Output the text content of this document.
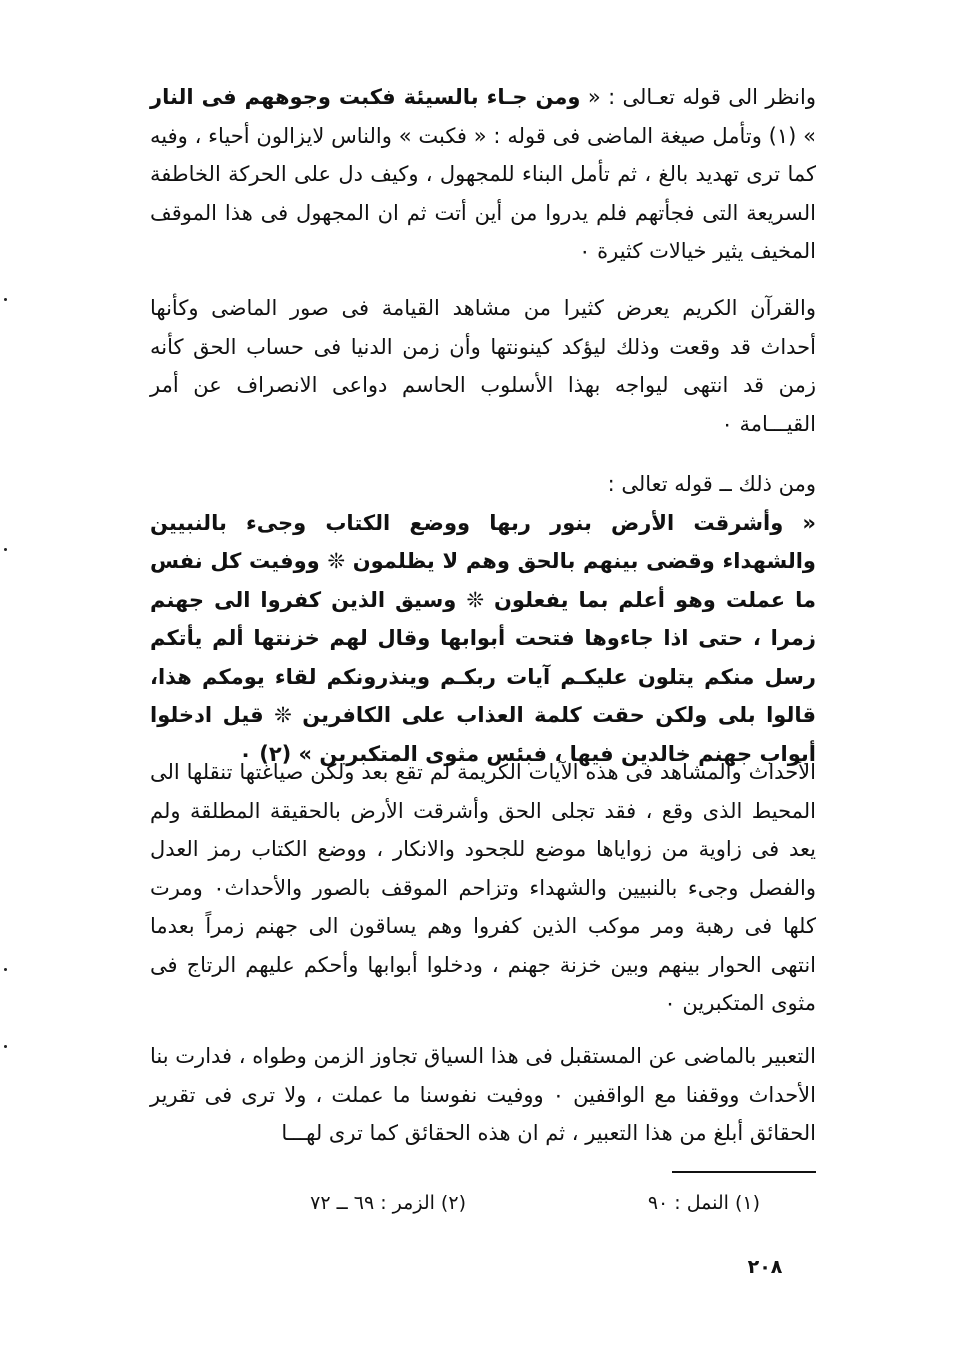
وانظر الى قوله تعـالى : « ومن جـاء بالسيئة فكبت وجوههم فى النار » (١) وتأمل صيغة الماضى فى قوله : « فكبت » والناس لايزالون أحياء ، وفيه كما ترى تهديد بالغ ، ثم تأمل البناء للمجهول ، وكيف دل على الحركة الخاطفة السريعة التى فجأتهم فلم يدروا من أين أتت ثم ان المجهول فى هذا الموقف المخيف يثير خيالات كثيرة ٠

والقرآن الكريم يعرض كثيرا من مشاهد القيامة فى صور الماضى وكأنها أحداث قد وقعت وذلك ليؤكد كينونتها وأن زمن الدنيا فى حساب الحق كأنه زمن قد انتهى ليواجه بهذا الأسلوب الحاسم دواعى الانصراف عن أمر القيـــامة ٠

ومن ذلك ــ قوله تعالى :

« وأشرقت الأرض بنور ربها ووضع الكتاب وجىء بالنبيين والشهداء وقضى بينهم بالحق وهم لا يظلمون ❊ ووفيت كل نفس ما عملت وهو أعلم بما يفعلون ❊ وسيق الذين كفروا الى جهنم زمرا ، حتى اذا جاءوها فتحت أبوابها وقال لهم خزنتها ألم يأتكم رسل منكم يتلون عليكـم آيات ربكـم وينذرونكم لقاء يومكم هذا، قالوا بلى ولكن حقت كلمة العذاب على الكافرين ❊ قيل ادخلوا أبواب جهنم خالدين فيها ، فبئس مثوى المتكبرين » (٢) ٠

الأحداث والمشاهد فى هذه الآيات الكريمة لم تقع بعد ولكن صياغتها تنقلها الى المحيط الذى وقع ، فقد تجلى الحق وأشرقت الأرض بالحقيقة المطلقة ولم يعد فى زاوية من زواياها موضع للجحود والانكار ، ووضع الكتاب رمز العدل والفصل وجىء بالنبيين والشهداء وتزاحم الموقف بالصور والأحداث٠ ومرت كلها فى رهبة ومر موكب الذين كفروا وهم يساقون الى جهنم زمراً بعدما انتهى الحوار بينهم وبين خزنة جهنم ، ودخلوا أبوابها وأحكم عليهم الرتاج فى مثوى المتكبرين ٠

التعبير بالماضى عن المستقبل فى هذا السياق تجاوز الزمن وطواه ، فدارت بنا الأحداث ووقفنا مع الواقفين ٠ ووفيت نفوسنا ما عملت ، ولا ترى فى تقرير الحقائق أبلغ من هذا التعبير ، ثم ان هذه الحقائق كما ترى لهـــا

(١) النمل : ٩٠
(٢) الزمر : ٦٩ ــ ٧٢
٢٠٨
